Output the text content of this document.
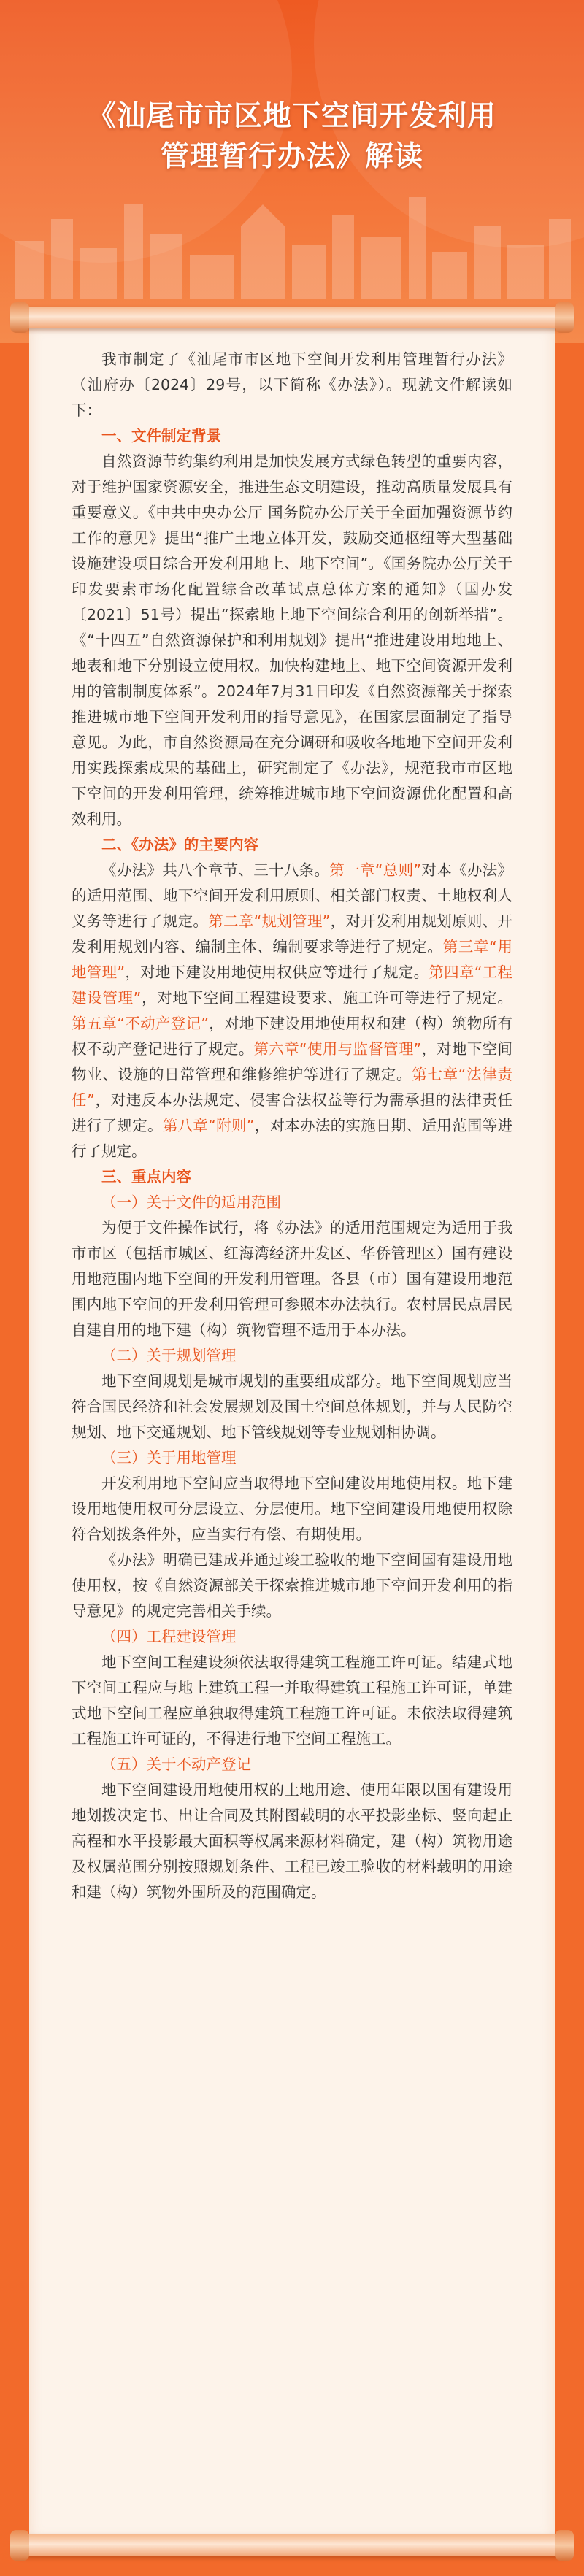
《汕尾市市区地下空间开发利用
管理暂行办法》解读

我市制定了《汕尾市市区地下空间开发利用管理暂行办法》（汕府办〔2024〕29号，以下简称《办法》）。现就文件解读如下：

一、文件制定背景

自然资源节约集约利用是加快发展方式绿色转型的重要内容，对于维护国家资源安全，推进生态文明建设，推动高质量发展具有重要意义。《中共中央办公厅 国务院办公厅关于全面加强资源节约工作的意见》提出“推广土地立体开发，鼓励交通枢纽等大型基础设施建设项目综合开发利用地上、地下空间”。《国务院办公厅关于印发要素市场化配置综合改革试点总体方案的通知》（国办发〔2021〕51号）提出“探索地上地下空间综合利用的创新举措”。《“十四五”自然资源保护和利用规划》提出“推进建设用地地上、地表和地下分别设立使用权。加快构建地上、地下空间资源开发利用的管制制度体系”。2024年7月31日印发《自然资源部关于探索推进城市地下空间开发利用的指导意见》，在国家层面制定了指导意见。为此，市自然资源局在充分调研和吸收各地地下空间开发利用实践探索成果的基础上，研究制定了《办法》，规范我市市区地下空间的开发利用管理，统筹推进城市地下空间资源优化配置和高效利用。

二、《办法》的主要内容

《办法》共八个章节、三十八条。第一章“总则”对本《办法》的适用范围、地下空间开发利用原则、相关部门权责、土地权利人义务等进行了规定。第二章“规划管理”，对开发利用规划原则、开发利用规划内容、编制主体、编制要求等进行了规定。第三章“用地管理”，对地下建设用地使用权供应等进行了规定。第四章“工程建设管理”，对地下空间工程建设要求、施工许可等进行了规定。第五章“不动产登记”，对地下建设用地使用权和建（构）筑物所有权不动产登记进行了规定。第六章“使用与监督管理”，对地下空间物业、设施的日常管理和维修维护等进行了规定。第七章“法律责任”，对违反本办法规定、侵害合法权益等行为需承担的法律责任进行了规定。第八章“附则”，对本办法的实施日期、适用范围等进行了规定。

三、重点内容
（一）关于文件的适用范围

为便于文件操作试行，将《办法》的适用范围规定为适用于我市市区（包括市城区、红海湾经济开发区、华侨管理区）国有建设用地范围内地下空间的开发利用管理。各县（市）国有建设用地范围内地下空间的开发利用管理可参照本办法执行。农村居民点居民自建自用的地下建（构）筑物管理不适用于本办法。

（二）关于规划管理

地下空间规划是城市规划的重要组成部分。地下空间规划应当符合国民经济和社会发展规划及国土空间总体规划，并与人民防空规划、地下交通规划、地下管线规划等专业规划相协调。

（三）关于用地管理

开发利用地下空间应当取得地下空间建设用地使用权。地下建设用地使用权可分层设立、分层使用。地下空间建设用地使用权除符合划拨条件外，应当实行有偿、有期使用。

《办法》明确已建成并通过竣工验收的地下空间国有建设用地使用权，按《自然资源部关于探索推进城市地下空间开发利用的指导意见》的规定完善相关手续。

（四）工程建设管理

地下空间工程建设须依法取得建筑工程施工许可证。结建式地下空间工程应与地上建筑工程一并取得建筑工程施工许可证，单建式地下空间工程应单独取得建筑工程施工许可证。未依法取得建筑工程施工许可证的，不得进行地下空间工程施工。

（五）关于不动产登记

地下空间建设用地使用权的土地用途、使用年限以国有建设用地划拨决定书、出让合同及其附图载明的水平投影坐标、竖向起止高程和水平投影最大面积等权属来源材料确定，建（构）筑物用途及权属范围分别按照规划条件、工程已竣工验收的材料载明的用途和建（构）筑物外围所及的范围确定。
